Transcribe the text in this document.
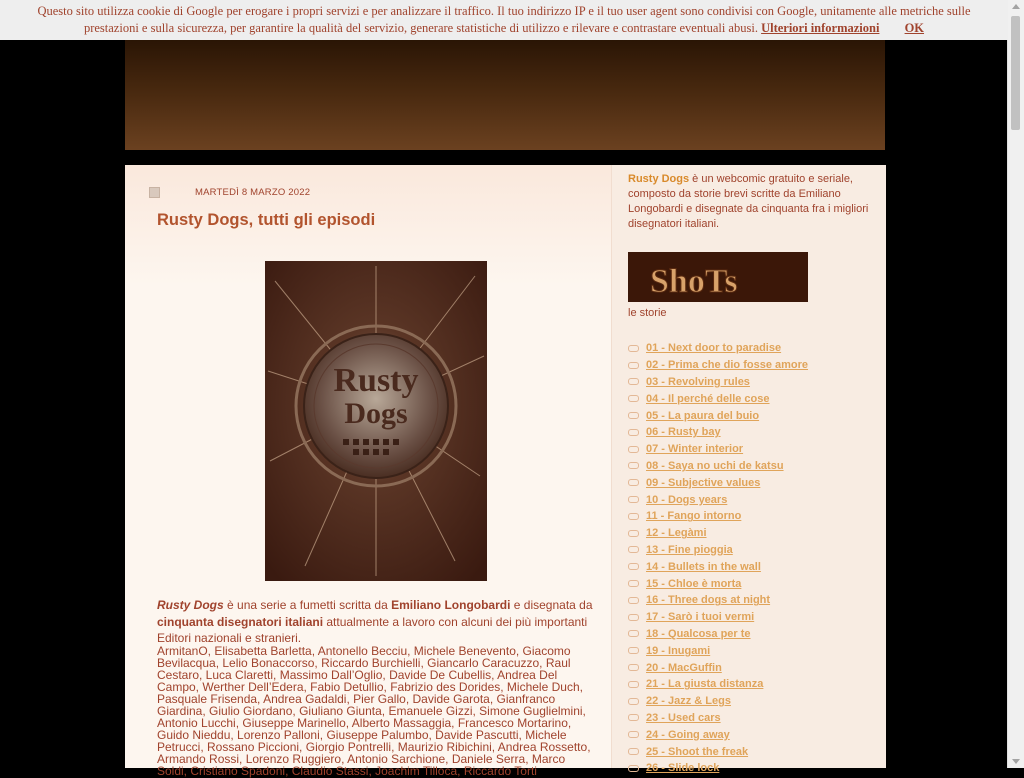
Questo sito utilizza cookie di Google per erogare i propri servizi e per analizzare il traffico. Il tuo indirizzo IP e il tuo user agent sono condivisi con Google, unitamente alle metriche sulle
prestazioni e sulla sicurezza, per garantire la qualità del servizio, generare statistiche di utilizzo e rilevare e contrastare eventuali abusi. Ulteriori informazioni OK
MARTEDÌ 8 MARZO 2022
Rusty Dogs, tutti gli episodi
Rusty
Dogs
Rusty Dogs è una serie a fumetti scritta da Emiliano Longobardi e disegnata da cinquanta disegnatori italiani attualmente a lavoro con alcuni dei più importanti Editori nazionali e stranieri.
ArmitanO, Elisabetta Barletta, Antonello Becciu, Michele Benevento, Giacomo Bevilacqua, Lelio Bonaccorso, Riccardo Burchielli, Giancarlo Caracuzzo, Raul Cestaro, Luca Claretti, Massimo Dall’Oglio, Davide De Cubellis, Andrea Del Campo, Werther Dell’Edera, Fabio Detullio, Fabrizio des Dorides, Michele Duch, Pasquale Frisenda, Andrea Gadaldi, Pier Gallo, Davide Garota, Gianfranco Giardina, Giulio Giordano, Giuliano Giunta, Emanuele Gizzi, Simone Guglielmini, Antonio Lucchi, Giuseppe Marinello, Alberto Massaggia, Francesco Mortarino, Guido Nieddu, Lorenzo Palloni, Giuseppe Palumbo, Davide Pascutti, Michele Petrucci, Rossano Piccioni, Giorgio Pontrelli, Maurizio Ribichini, Andrea Rossetto, Armando Rossi, Lorenzo Ruggiero, Antonio Sarchione, Daniele Serra, Marco Soldi, Cristiano Spadoni, Claudio Stassi, Joachim Tilloca, Riccardo Torti
Rusty Dogs è un webcomic gratuito e seriale, composto da storie brevi scritte da Emiliano Longobardi e disegnate da cinquanta fra i migliori disegnatori italiani.
ShoTs
le storie
01 - Next door to paradise
02 - Prima che dio fosse amore
03 - Revolving rules
04 - Il perché delle cose
05 - La paura del buio
06 - Rusty bay
07 - Winter interior
08 - Saya no uchi de katsu
09 - Subjective values
10 - Dogs years
11 - Fango intorno
12 - Legàmi
13 - Fine pioggia
14 - Bullets in the wall
15 - Chloe è morta
16 - Three dogs at night
17 - Sarò i tuoi vermi
18 - Qualcosa per te
19 - Inugami
20 - MacGuffin
21 - La giusta distanza
22 - Jazz & Legs
23 - Used cars
24 - Going away
25 - Shoot the freak
26 - Slide lock
